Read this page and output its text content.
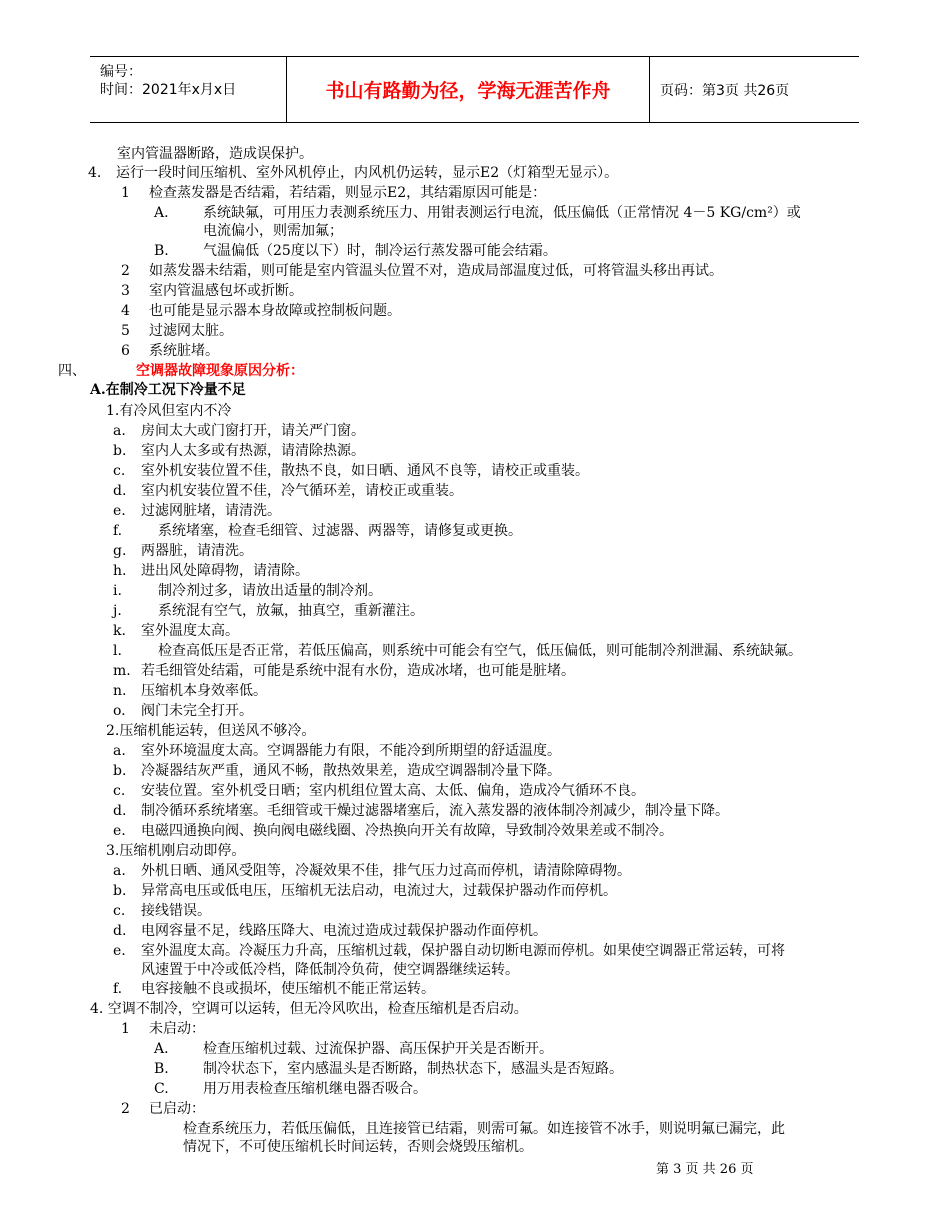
编号：
时间：2021年x月x日	书山有路勤为径，学海无涯苦作舟	页码：第3页 共26页
室内管温器断路，造成误保护。
4. 运行一段时间压缩机、室外风机停止，内风机仍运转，显示E2（灯箱型无显示）。
1 检查蒸发器是否结霜，若结霜，则显示E2，其结霜原因可能是：
A. 系统缺氟，可用压力表测系统压力、用钳表测运行电流，低压偏低（正常情况 4－5 KG/cm²）或
电流偏小，则需加氟；
B. 气温偏低（25度以下）时，制冷运行蒸发器可能会结霜。
2 如蒸发器未结霜，则可能是室内管温头位置不对，造成局部温度过低，可将管温头移出再试。
3 室内管温感包坏或折断。
4 也可能是显示器本身故障或控制板问题。
5 过滤网太脏。
6 系统脏堵。
四、	空调器故障现象原因分析：
A.在制冷工况下冷量不足
1.有冷风但室内不冷
a. 房间太大或门窗打开，请关严门窗。
b. 室内人太多或有热源，请清除热源。
c. 室外机安装位置不佳，散热不良，如日晒、通风不良等，请校正或重装。
d. 室内机安装位置不佳，冷气循环差，请校正或重装。
e. 过滤网脏堵，请清洗。
f.	系统堵塞，检查毛细管、过滤器、两器等，请修复或更换。
g. 两器脏，请清洗。
h. 进出风处障碍物，请清除。
i.	制冷剂过多，请放出适量的制冷剂。
j.	系统混有空气，放氟，抽真空，重新灌注。
k. 室外温度太高。
l.	检查高低压是否正常，若低压偏高，则系统中可能会有空气，低压偏低，则可能制冷剂泄漏、系统缺氟。
m. 若毛细管处结霜，可能是系统中混有水份，造成冰堵，也可能是脏堵。
n. 压缩机本身效率低。
o. 阀门未完全打开。
2.压缩机能运转，但送风不够冷。
a. 室外环境温度太高。空调器能力有限，不能冷到所期望的舒适温度。
b. 冷凝器结灰严重，通风不畅，散热效果差，造成空调器制冷量下降。
c. 安装位置。室外机受日晒；室内机组位置太高、太低、偏角，造成冷气循环不良。
d. 制冷循环系统堵塞。毛细管或干燥过滤器堵塞后，流入蒸发器的液体制冷剂减少，制冷量下降。
e. 电磁四通换向阀、换向阀电磁线圈、冷热换向开关有故障，导致制冷效果差或不制冷。
3.压缩机刚启动即停。
a. 外机日晒、通风受阻等，冷凝效果不佳，排气压力过高而停机，请清除障碍物。
b. 异常高电压或低电压，压缩机无法启动，电流过大，过载保护器动作而停机。
c. 接线错误。
d. 电网容量不足，线路压降大、电流过造成过载保护器动作面停机。
e. 室外温度太高。冷凝压力升高，压缩机过载，保护器自动切断电源而停机。如果使空调器正常运转，可将
风速置于中冷或低冷档，降低制冷负荷，使空调器继续运转。
f. 电容接触不良或损坏，使压缩机不能正常运转。
4. 空调不制冷，空调可以运转，但无冷风吹出，检查压缩机是否启动。
1 未启动：
A. 检查压缩机过载、过流保护器、高压保护开关是否断开。
B. 制冷状态下，室内感温头是否断路，制热状态下，感温头是否短路。
C. 用万用表检查压缩机继电器否吸合。
2 已启动：
检查系统压力，若低压偏低，且连接管已结霜，则需可氟。如连接管不冰手，则说明氟已漏完，此
情况下，不可使压缩机长时间运转，否则会烧毁压缩机。
第 3 页 共 26 页
